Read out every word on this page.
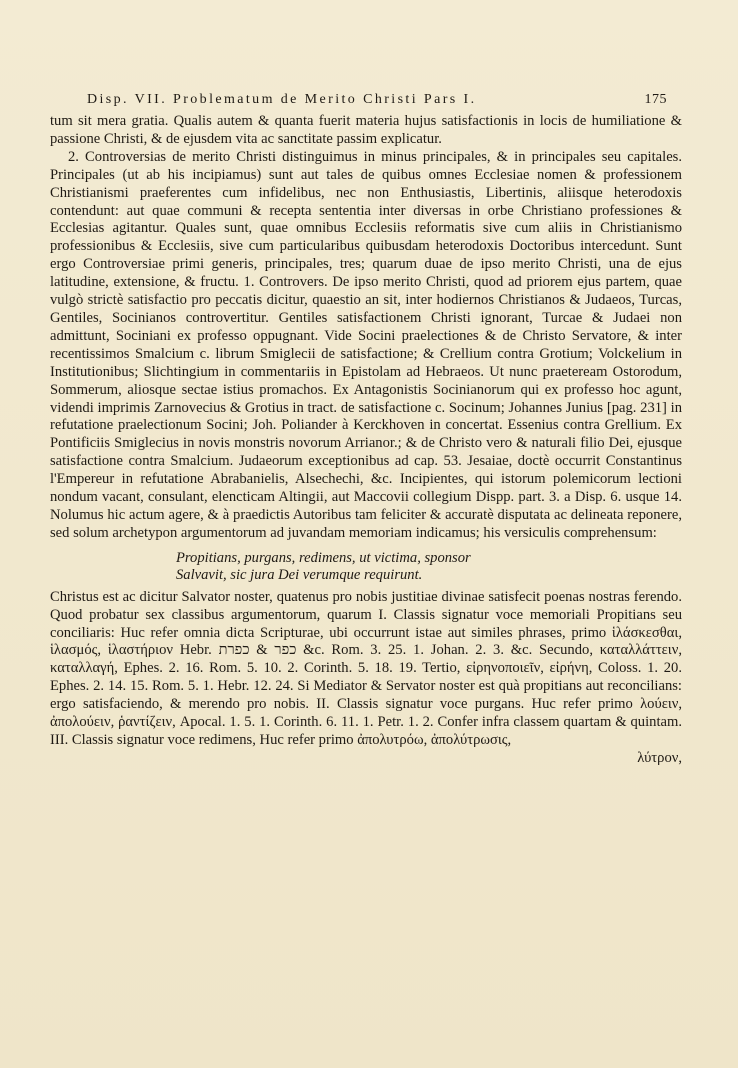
Disp. VII. Problematum de Merito Christi Pars I.	175

tum sit mera gratia. Qualis autem & quanta fuerit materia hujus satisfactionis in locis de humiliatione & passione Christi, & de ejusdem vita ac sanctitate passim explicatur.

2. Controversias de merito Christi distinguimus in minus principales, & in principales seu capitales. Principales (ut ab his incipiamus) sunt aut tales de quibus omnes Ecclesiae nomen & professionem Christianismi praeferentes cum infidelibus, nec non Enthusiastis, Libertinis, aliisque heterodoxis contendunt: aut quae communi & recepta sententia inter diversas in orbe Christiano professiones & Ecclesias agitantur. Quales sunt, quae omnibus Ecclesiis reformatis sive cum aliis in Christianismo professionibus & Ecclesiis, sive cum particularibus quibusdam heterodoxis Doctoribus intercedunt. Sunt ergo Controversiae primi generis, principales, tres; quarum duae de ipso merito Christi, una de ejus latitudine, extensione, & fructu. 1. Controvers. De ipso merito Christi, quod ad priorem ejus partem, quae vulgò strictè satisfactio pro peccatis dicitur, quaestio an sit, inter hodiernos Christianos & Judaeos, Turcas, Gentiles, Socinianos controvertitur. Gentiles satisfactionem Christi ignorant, Turcae & Judaei non admittunt, Sociniani ex professo oppugnant. Vide Socini praelectiones & de Christo Servatore, & inter recentissimos Smalcium c. librum Smiglecii de satisfactione; & Crellium contra Grotium; Volckelium in Institutionibus; Slichtingium in commentariis in Epistolam ad Hebraeos. Ut nunc praeteream Ostorodum, Sommerum, aliosque sectae istius promachos. Ex Antagonistis Socinianorum qui ex professo hoc agunt, videndi imprimis Zarnovecius & Grotius in tract. de satisfactione c. Socinum; Johannes Junius [pag. 231] in refutatione praelectionum Socini; Joh. Poliander à Kerckhoven in concertat. Essenius contra Grellium. Ex Pontificiis Smiglecius in novis monstris novorum Arrianor.; & de Christo vero & naturali filio Dei, ejusque satisfactione contra Smalcium. Judaeorum exceptionibus ad cap. 53. Jesaiae, doctè occurrit Constantinus l'Empereur in refutatione Abrabanielis, Alsechechi, &c. Incipientes, qui istorum polemicorum lectioni nondum vacant, consulant, elencticam Altingii, aut Maccovii collegium Dispp. part. 3. a Disp. 6. usque 14. Nolumus hic actum agere, & à praedictis Autoribus tam feliciter & accuratè disputata ac delineata reponere, sed solum archetypon argumentorum ad juvandam memoriam indicamus; his versiculis comprehensum:

Propitians, purgans, redimens, ut victima, sponsor
Salvavit, sic jura Dei verumque requirunt.

Christus est ac dicitur Salvator noster, quatenus pro nobis justitiae divinae satisfecit poenas nostras ferendo. Quod probatur sex classibus argumentorum, quarum I. Classis signatur voce memoriali Propitians seu conciliaris: Huc refer omnia dicta Scripturae, ubi occurrunt istae aut similes phrases, primo ἱλάσκεσθαι, ἱλασμός, ἱλαστήριον Hebr. כפר & כפרת &c. Rom. 3. 25. 1. Johan. 2. 3. &c. Secundo, καταλλάττειν, καταλλαγή, Ephes. 2. 16. Rom. 5. 10. 2. Corinth. 5. 18. 19. Tertio, εἰρηνοποιεῖν, εἰρήνη, Coloss. 1. 20. Ephes. 2. 14. 15. Rom. 5. 1. Hebr. 12. 24. Si Mediator & Servator noster est quà propitians aut reconcilians: ergo satisfaciendo, & merendo pro nobis. II. Classis signatur voce purgans. Huc refer primo λούειν, ἀπολούειν, ῥαντίζειν, Apocal. 1. 5. 1. Corinth. 6. 11. 1. Petr. 1. 2. Confer infra classem quartam & quintam. III. Classis signatur voce redimens, Huc refer primo ἀπολυτρόω, ἀπολύτρωσις,

λύτρον,
